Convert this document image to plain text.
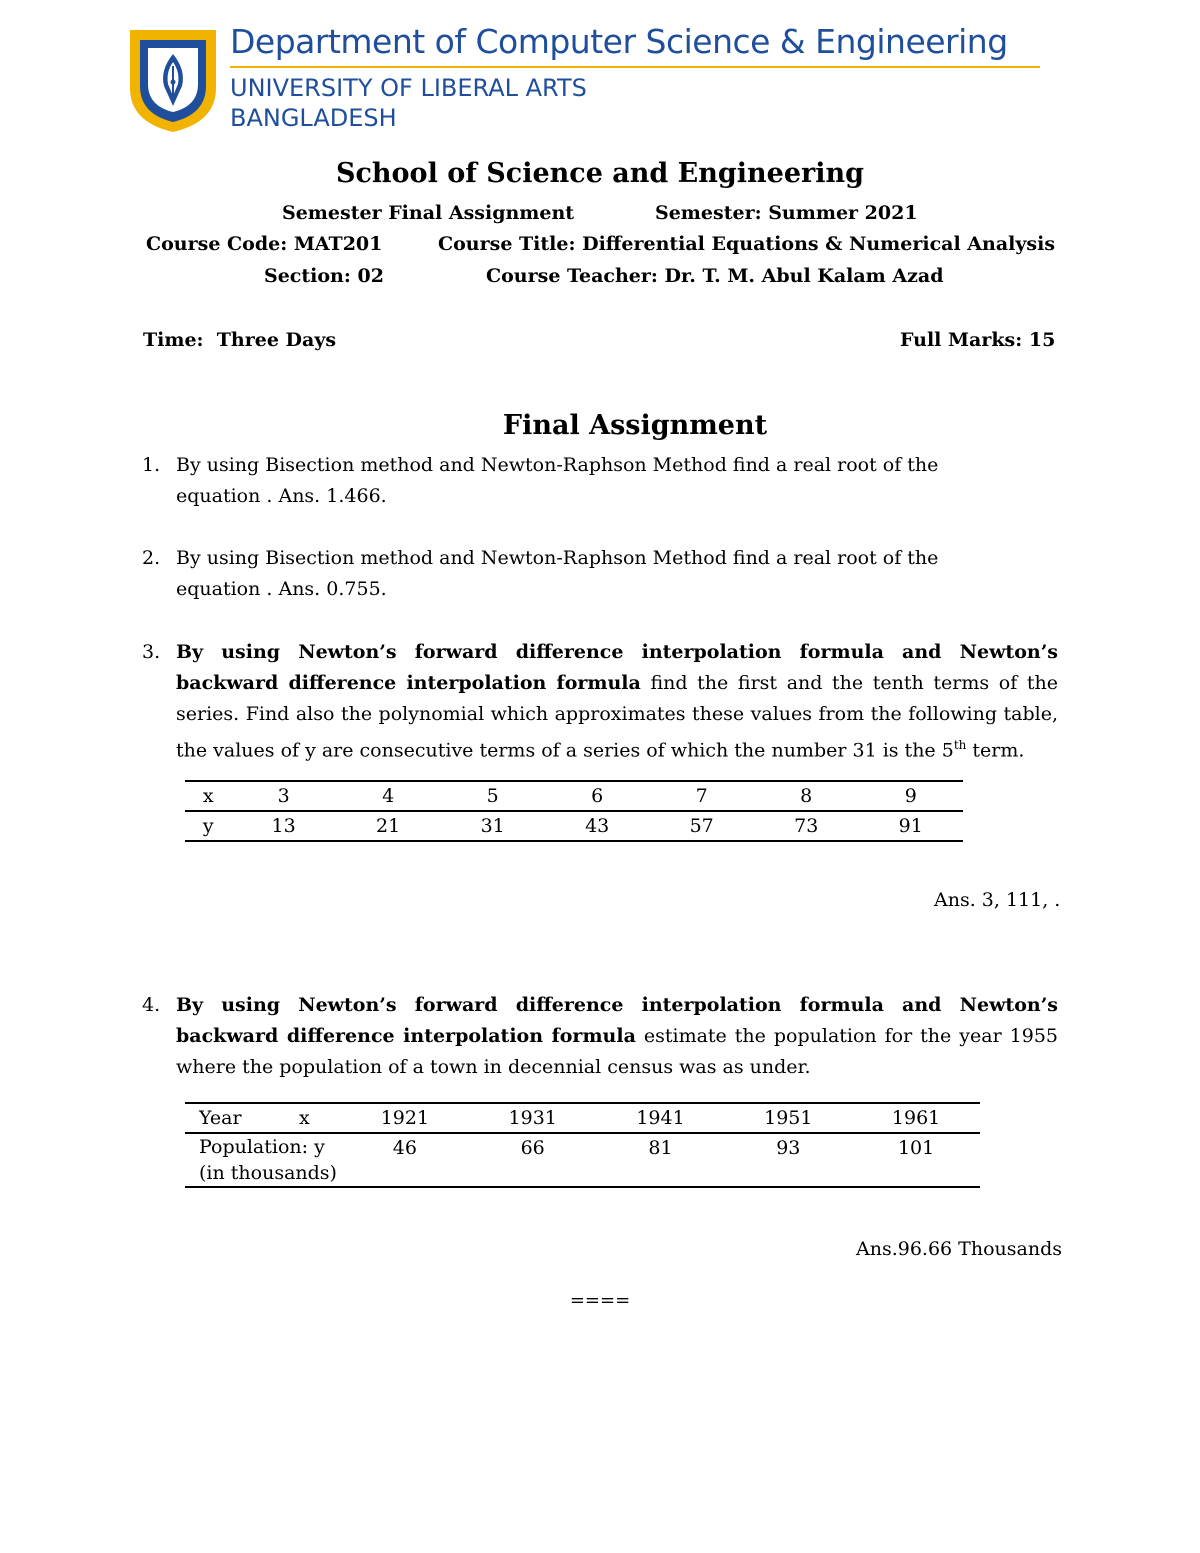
Department of Computer Science & Engineering
UNIVERSITY OF LIBERAL ARTS
BANGLADESH
School of Science and Engineering
Semester Final Assignment	Semester: Summer 2021
Course Code: MAT201	Course Title: Differential Equations & Numerical Analysis
Section: 02	Course Teacher: Dr. T. M. Abul Kalam Azad
Time:  Three Days	Full Marks: 15
Final Assignment
1. By using Bisection method and Newton-Raphson Method find a real root of the equation . Ans. 1.466.
2. By using Bisection method and Newton-Raphson Method find a real root of the equation . Ans. 0.755.
3. By using Newton’s forward difference interpolation formula and Newton’s backward difference interpolation formula find the first and the tenth terms of the series. Find also the polynomial which approximates these values from the following table, the values of y are consecutive terms of a series of which the number 31 is the 5th term.
x	3	4	5	6	7	8	9
y	13	21	31	43	57	73	91
Ans. 3, 111, .
4. By using Newton’s forward difference interpolation formula and Newton’s backward difference interpolation formula estimate the population for the year 1955 where the population of a town in decennial census was as under.
Year	x	1921	1931	1941	1951	1961

Population: y
(in thousands)		46	66	81	93	101
Ans.96.66 Thousands
====
